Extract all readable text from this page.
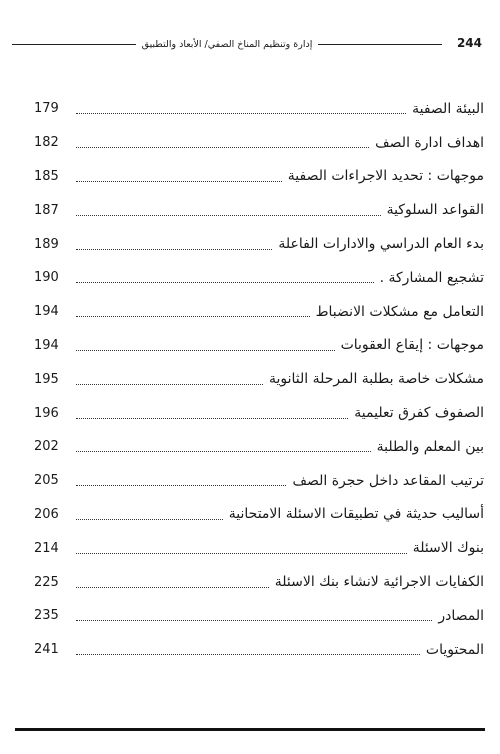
244
إدارة وتنظيم المناخ الصفي/ الأبعاد والتطبيق
البيئة الصفية
179
اهداف ادارة الصف
182
موجهات : تحديد الاجراءات الصفية
185
القواعد السلوكية
187
بدء العام الدراسي والادارات الفاعلة
189
تشجيع المشاركة .
190
التعامل مع مشكلات الانضباط
194
موجهات : إيقاع العقوبات
194
مشكلات خاصة بطلبة المرحلة الثانوية
195
الصفوف كفرق تعليمية
196
بين المعلم والطلبة
202
ترتيب المقاعد داخل حجرة الصف
205
أساليب حديثة في تطبيقات الاسئلة الامتحانية
206
بنوك الاسئلة
214
الكفايات الاجرائية لانشاء بنك الاسئلة
225
المصادر
235
المحتويات
241
